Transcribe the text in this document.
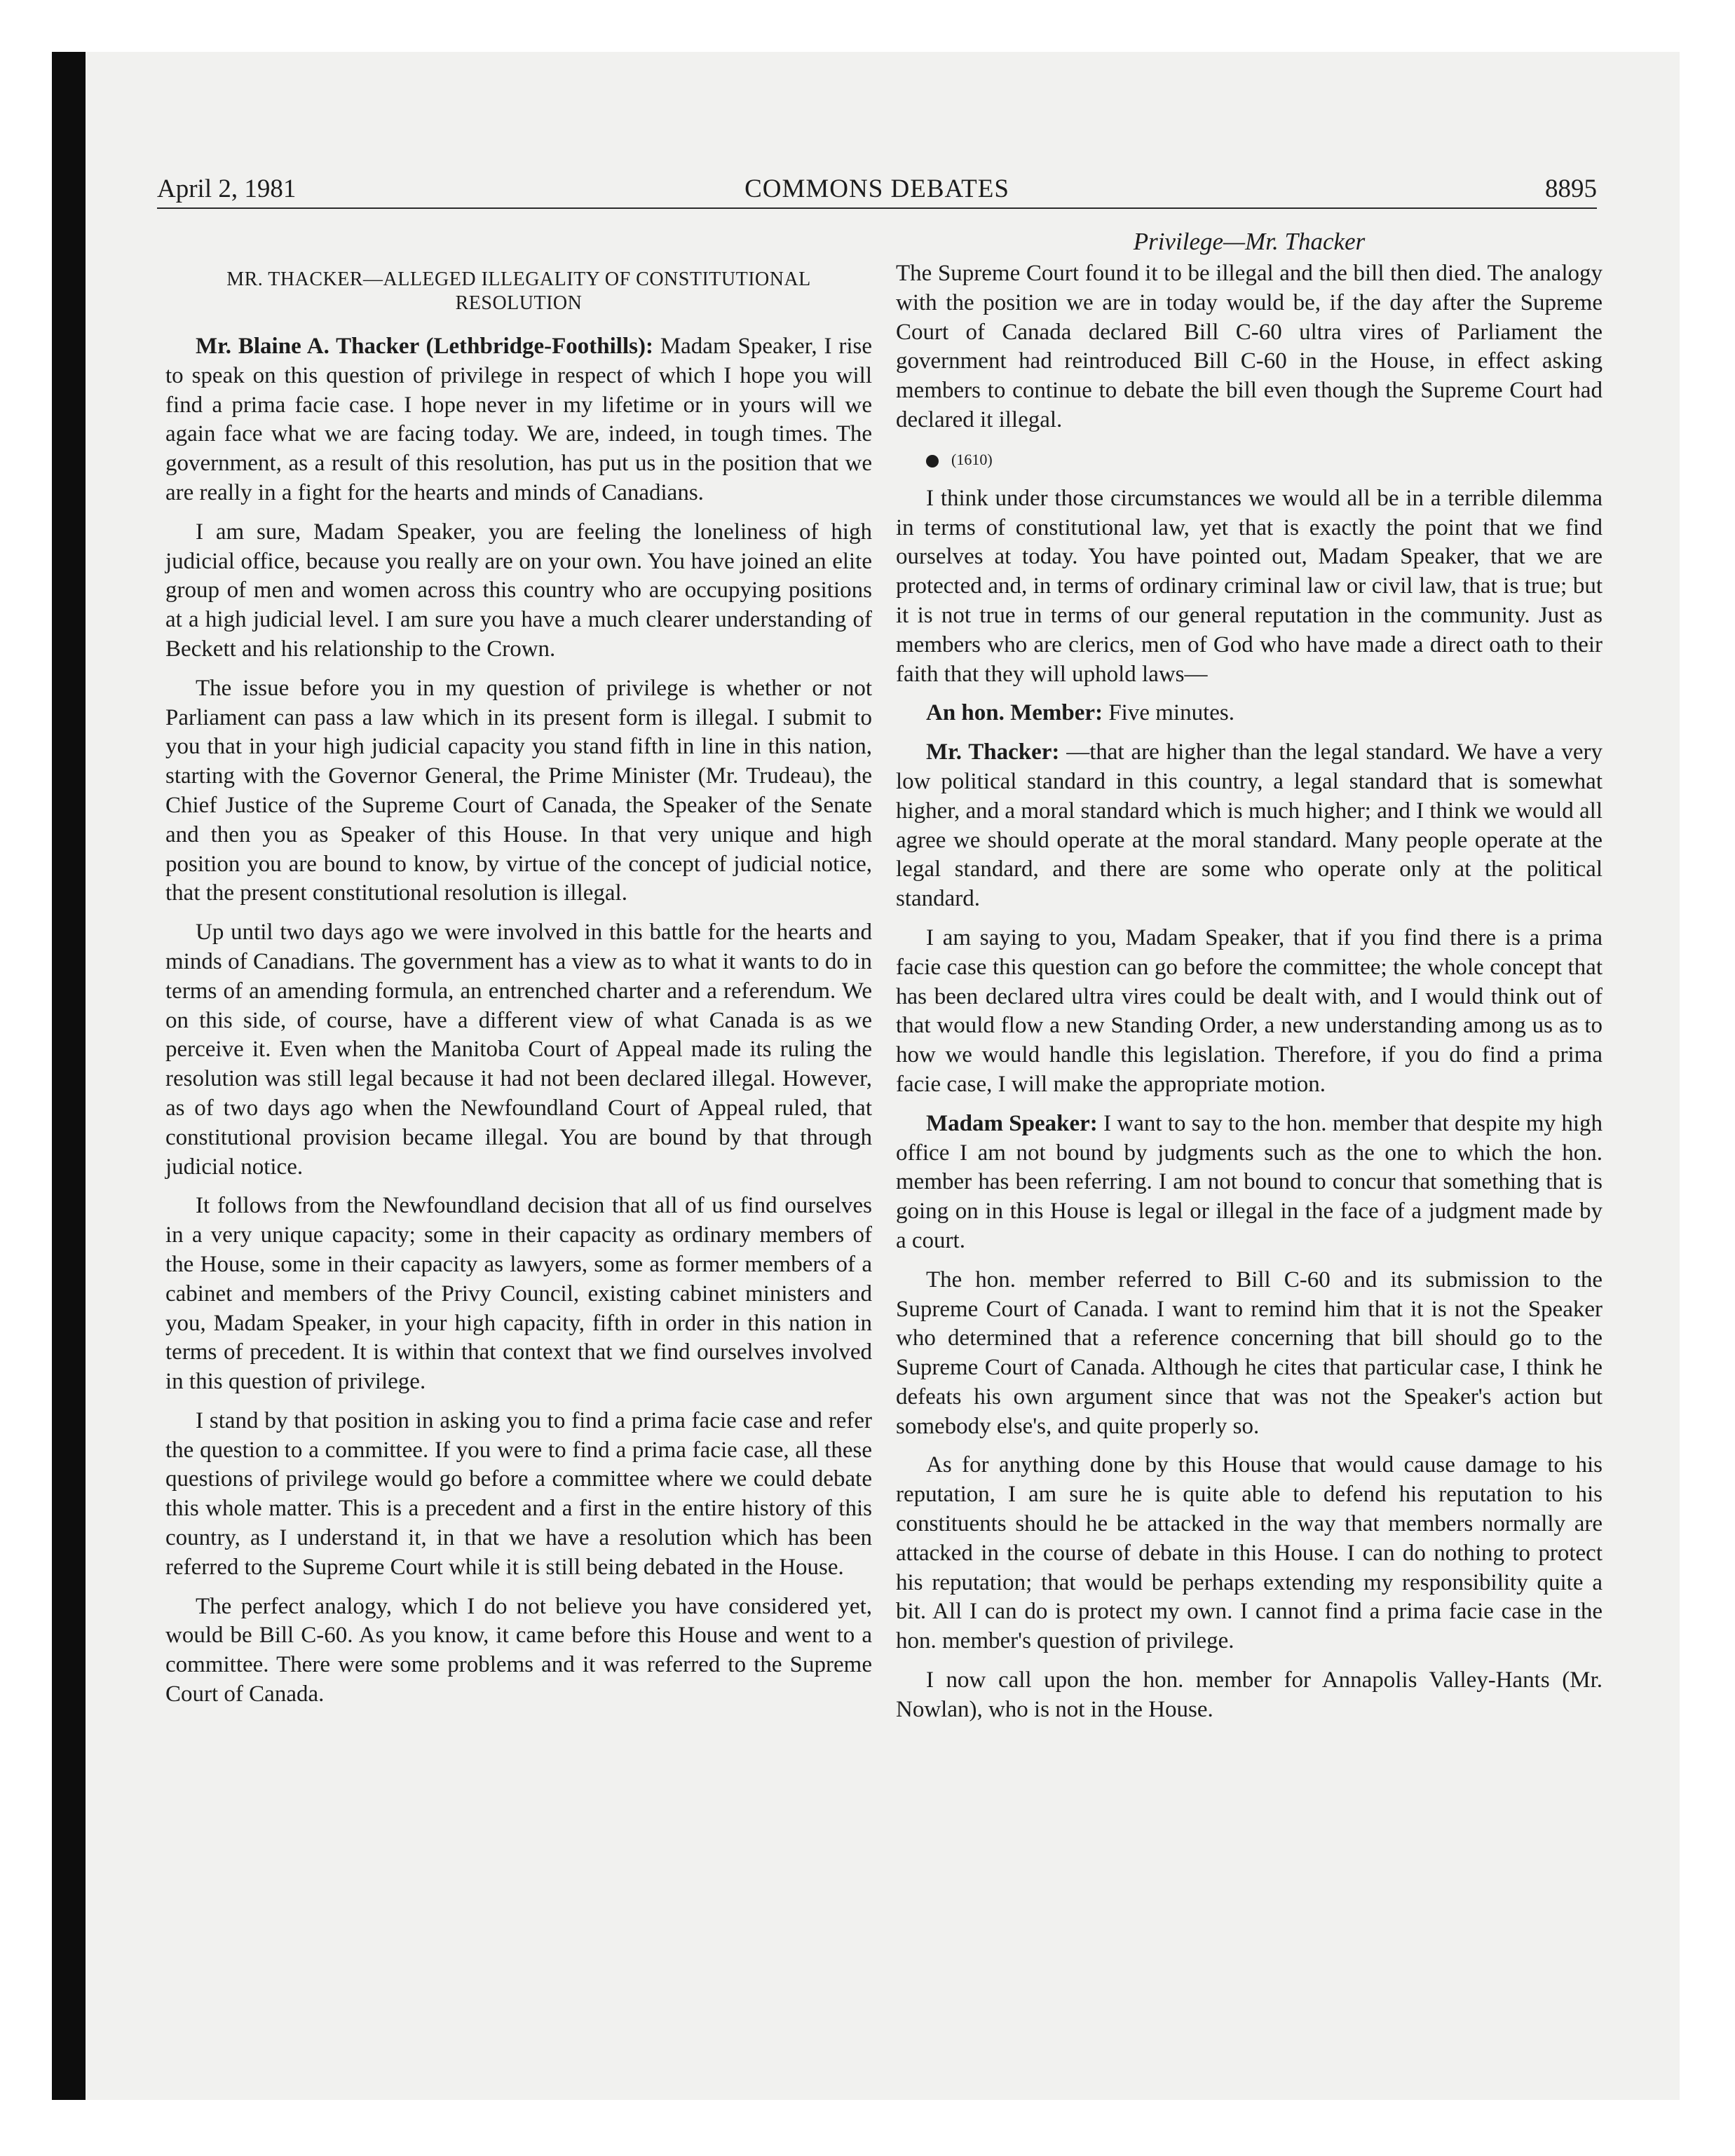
April 2, 1981	COMMONS DEBATES	8895
MR. THACKER—ALLEGED ILLEGALITY OF CONSTITUTIONAL RESOLUTION

Mr. Blaine A. Thacker (Lethbridge-Foothills): Madam Speaker, I rise to speak on this question of privilege in respect of which I hope you will find a prima facie case. I hope never in my lifetime or in yours will we again face what we are facing today. We are, indeed, in tough times. The government, as a result of this resolution, has put us in the position that we are really in a fight for the hearts and minds of Canadians.

I am sure, Madam Speaker, you are feeling the loneliness of high judicial office, because you really are on your own. You have joined an elite group of men and women across this country who are occupying positions at a high judicial level. I am sure you have a much clearer understanding of Beckett and his relationship to the Crown.

The issue before you in my question of privilege is whether or not Parliament can pass a law which in its present form is illegal. I submit to you that in your high judicial capacity you stand fifth in line in this nation, starting with the Governor General, the Prime Minister (Mr. Trudeau), the Chief Justice of the Supreme Court of Canada, the Speaker of the Senate and then you as Speaker of this House. In that very unique and high position you are bound to know, by virtue of the concept of judicial notice, that the present constitutional resolution is illegal.

Up until two days ago we were involved in this battle for the hearts and minds of Canadians. The government has a view as to what it wants to do in terms of an amending formula, an entrenched charter and a referendum. We on this side, of course, have a different view of what Canada is as we perceive it. Even when the Manitoba Court of Appeal made its ruling the resolution was still legal because it had not been declared illegal. However, as of two days ago when the Newfoundland Court of Appeal ruled, that constitutional provision became illegal. You are bound by that through judicial notice.

It follows from the Newfoundland decision that all of us find ourselves in a very unique capacity; some in their capacity as ordinary members of the House, some in their capacity as lawyers, some as former members of a cabinet and members of the Privy Council, existing cabinet ministers and you, Madam Speaker, in your high capacity, fifth in order in this nation in terms of precedent. It is within that context that we find ourselves involved in this question of privilege.

I stand by that position in asking you to find a prima facie case and refer the question to a committee. If you were to find a prima facie case, all these questions of privilege would go before a committee where we could debate this whole matter. This is a precedent and a first in the entire history of this country, as I understand it, in that we have a resolution which has been referred to the Supreme Court while it is still being debated in the House.

The perfect analogy, which I do not believe you have considered yet, would be Bill C-60. As you know, it came before this House and went to a committee. There were some problems and it was referred to the Supreme Court of Canada.

Privilege—Mr. Thacker

The Supreme Court found it to be illegal and the bill then died. The analogy with the position we are in today would be, if the day after the Supreme Court of Canada declared Bill C-60 ultra vires of Parliament the government had reintroduced Bill C-60 in the House, in effect asking members to continue to debate the bill even though the Supreme Court had declared it illegal.

(1610)

I think under those circumstances we would all be in a terrible dilemma in terms of constitutional law, yet that is exactly the point that we find ourselves at today. You have pointed out, Madam Speaker, that we are protected and, in terms of ordinary criminal law or civil law, that is true; but it is not true in terms of our general reputation in the community. Just as members who are clerics, men of God who have made a direct oath to their faith that they will uphold laws—

An hon. Member: Five minutes.

Mr. Thacker: —that are higher than the legal standard. We have a very low political standard in this country, a legal standard that is somewhat higher, and a moral standard which is much higher; and I think we would all agree we should operate at the moral standard. Many people operate at the legal standard, and there are some who operate only at the political standard.

I am saying to you, Madam Speaker, that if you find there is a prima facie case this question can go before the committee; the whole concept that has been declared ultra vires could be dealt with, and I would think out of that would flow a new Standing Order, a new understanding among us as to how we would handle this legislation. Therefore, if you do find a prima facie case, I will make the appropriate motion.

Madam Speaker: I want to say to the hon. member that despite my high office I am not bound by judgments such as the one to which the hon. member has been referring. I am not bound to concur that something that is going on in this House is legal or illegal in the face of a judgment made by a court.

The hon. member referred to Bill C-60 and its submission to the Supreme Court of Canada. I want to remind him that it is not the Speaker who determined that a reference concerning that bill should go to the Supreme Court of Canada. Although he cites that particular case, I think he defeats his own argument since that was not the Speaker's action but somebody else's, and quite properly so.

As for anything done by this House that would cause damage to his reputation, I am sure he is quite able to defend his reputation to his constituents should he be attacked in the way that members normally are attacked in the course of debate in this House. I can do nothing to protect his reputation; that would be perhaps extending my responsibility quite a bit. All I can do is protect my own. I cannot find a prima facie case in the hon. member's question of privilege.

I now call upon the hon. member for Annapolis Valley-Hants (Mr. Nowlan), who is not in the House.
